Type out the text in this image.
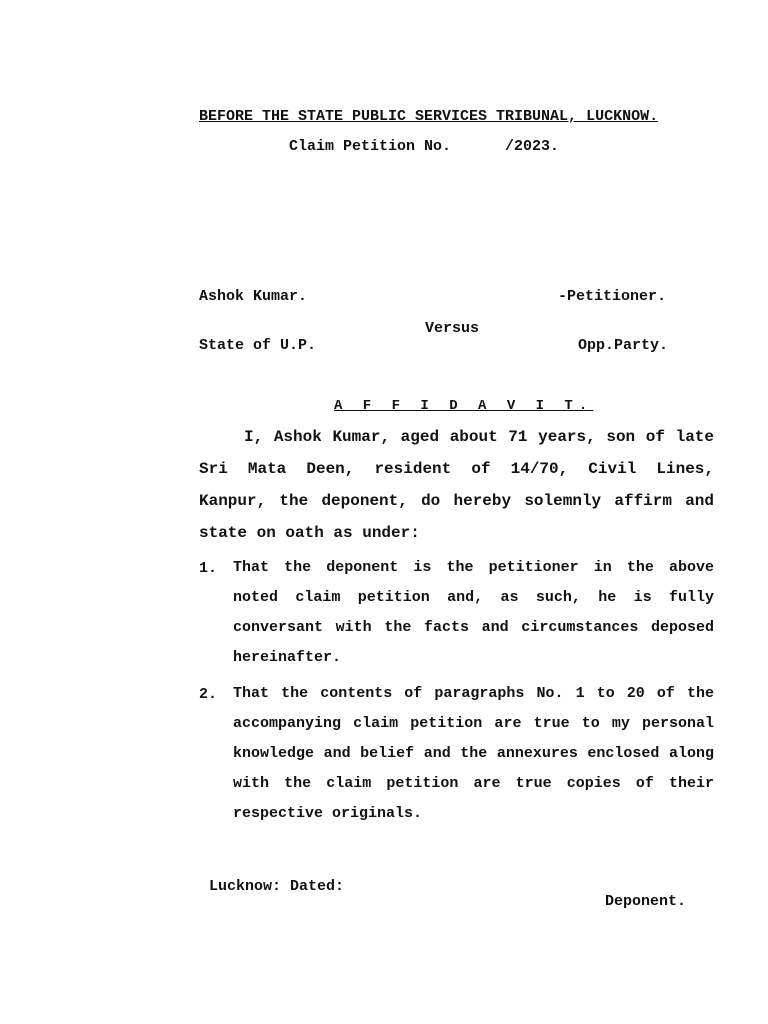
BEFORE THE STATE PUBLIC SERVICES TRIBUNAL, LUCKNOW.
Claim Petition No.      /2023.
Ashok Kumar.	-Petitioner.
Versus
State of U.P.	Opp.Party.
A F F I D A V I T.
I, Ashok Kumar, aged about 71 years, son of late Sri Mata Deen, resident of 14/70, Civil Lines, Kanpur, the deponent, do hereby solemnly affirm and state on oath as under:
1. That the deponent is the petitioner in the above noted claim petition and, as such, he is fully conversant with the facts and circumstances deposed hereinafter.
2. That the contents of paragraphs No. 1 to 20 of the accompanying claim petition are true to my personal knowledge and belief and the annexures enclosed along with the claim petition are true copies of their respective originals.
Lucknow: Dated:
Deponent.
